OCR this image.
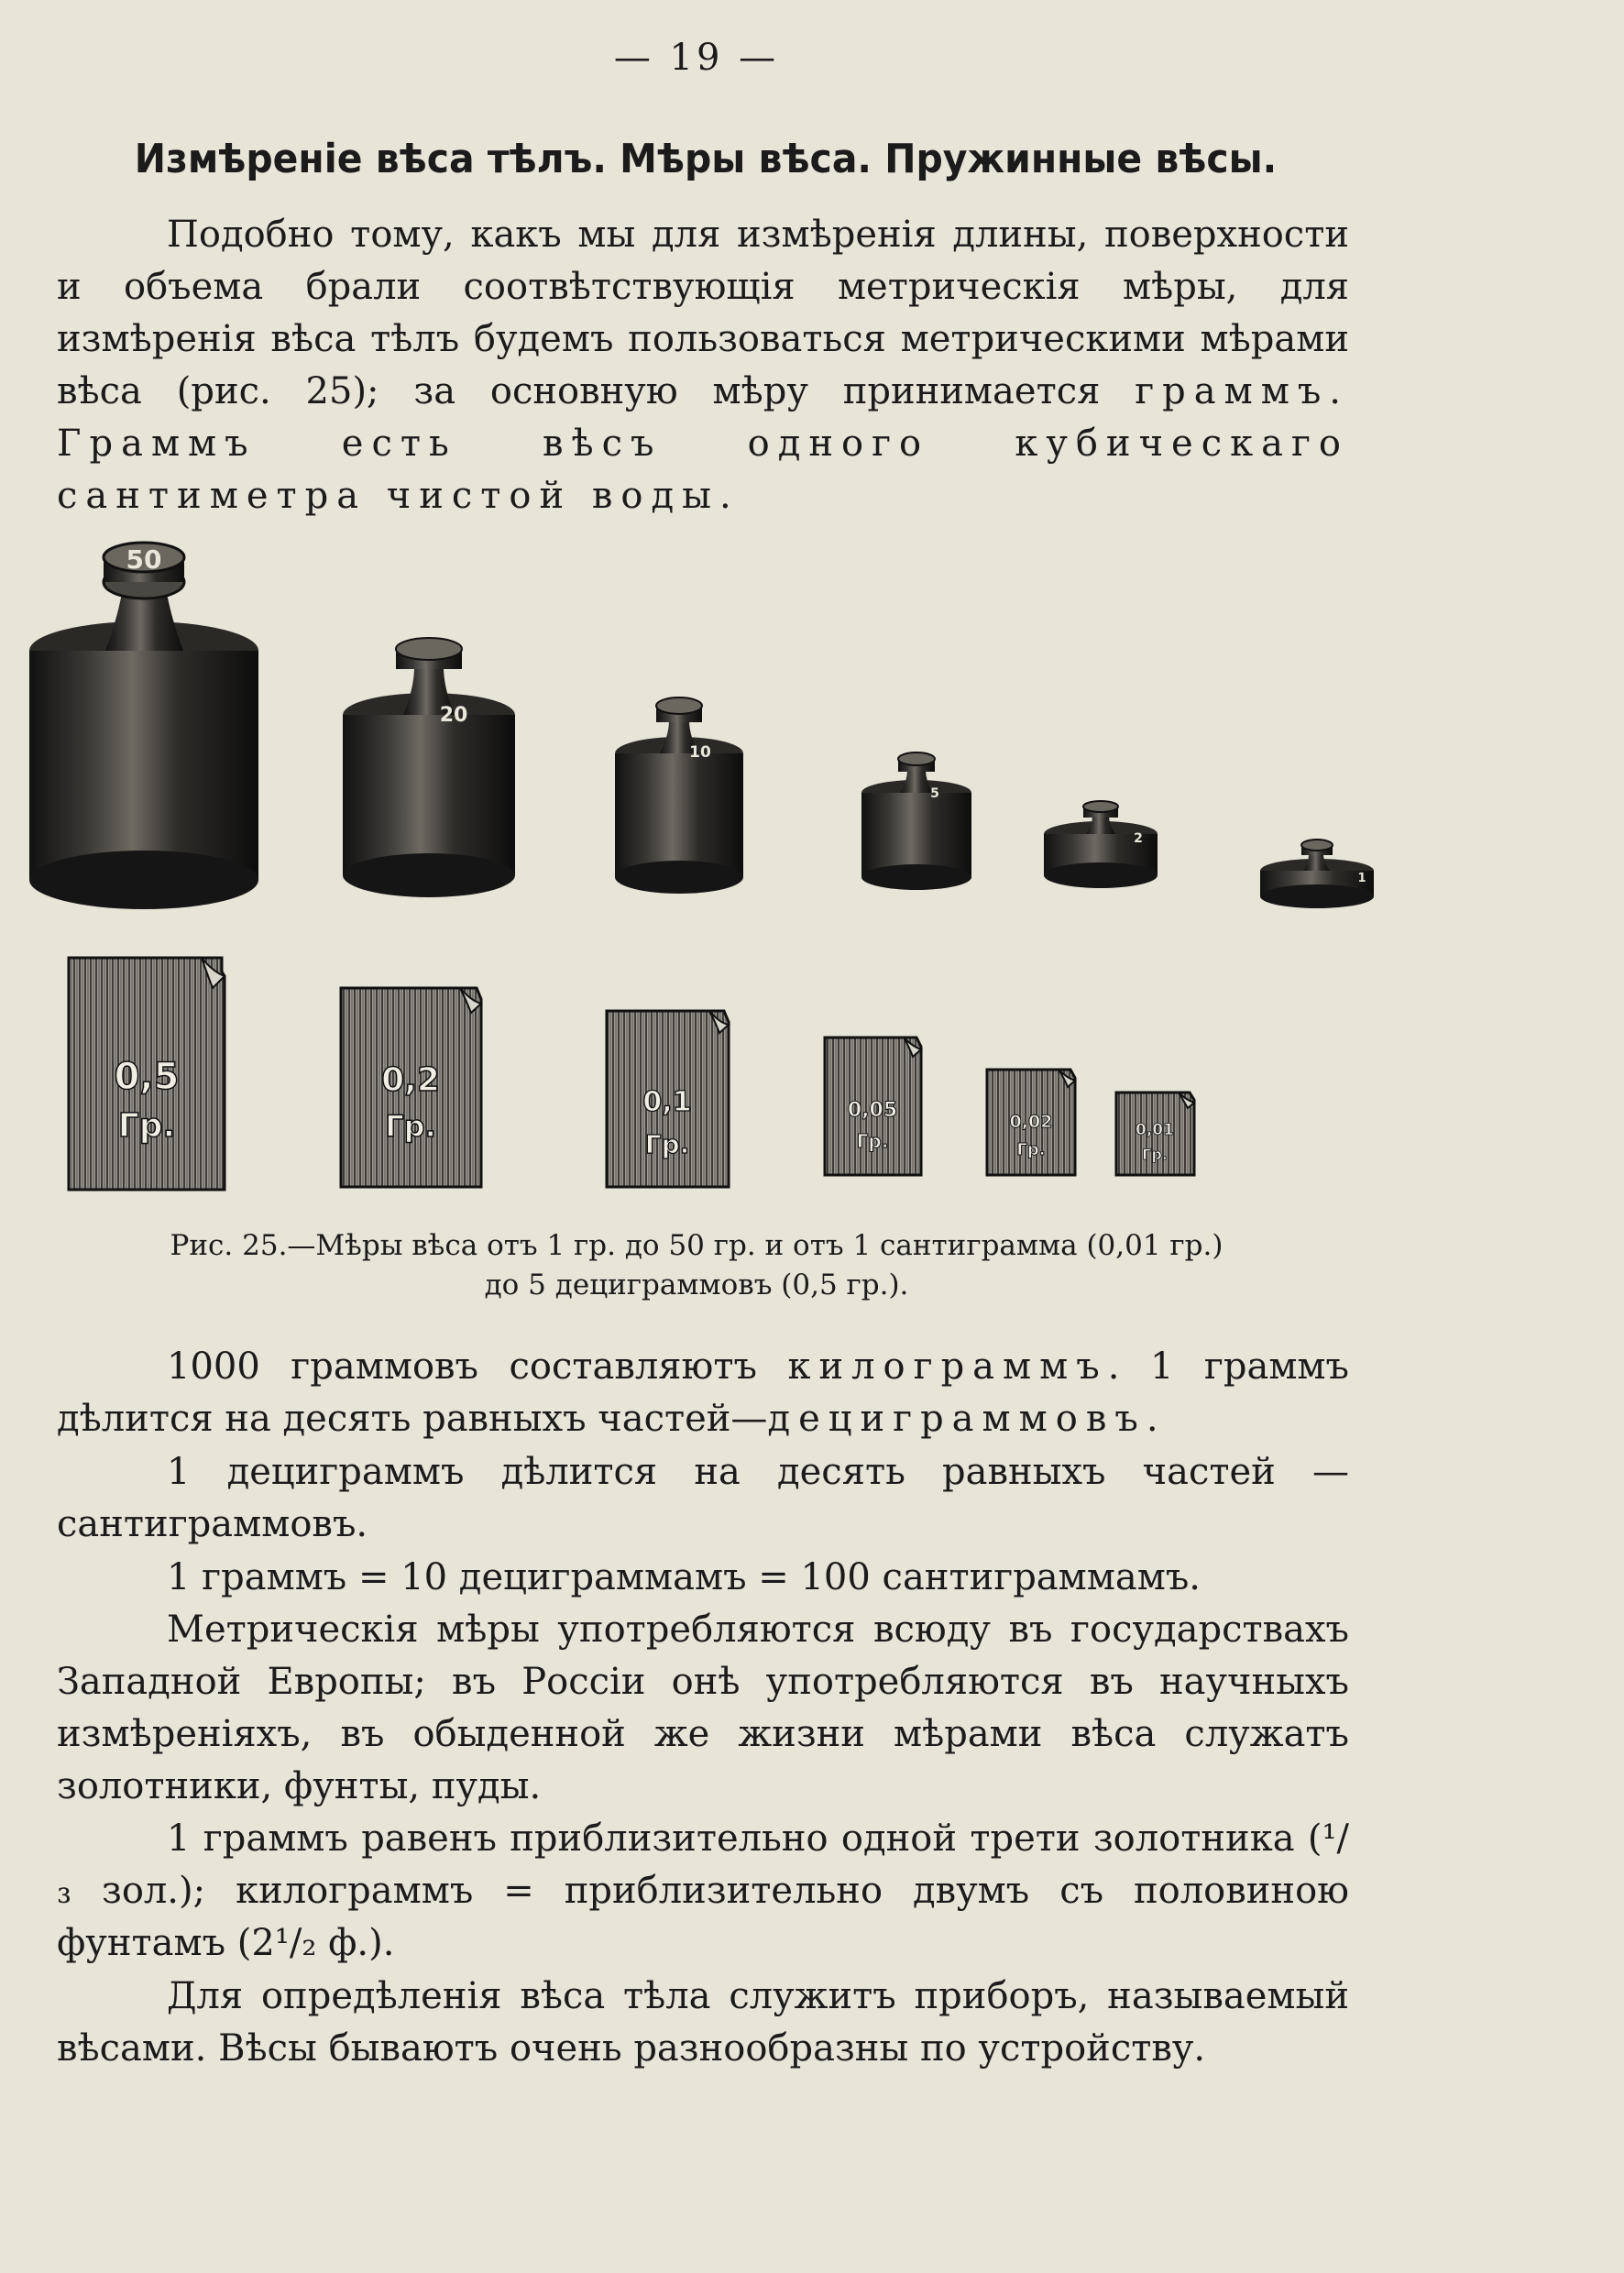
— 19 —
Измѣреніе вѣса тѣлъ. Мѣры вѣса. Пружинные вѣсы.

Подобно тому, какъ мы для измѣренія длины, поверхности и объема брали соотвѣтствующія метрическія мѣры, для измѣренія вѣса тѣлъ будемъ пользоваться метрическими мѣрами вѣса (рис. 25); за основную мѣру принимается граммъ. Граммъ есть вѣсъ одного кубическаго сантиметра чистой воды.

50
20
10
5
2
1
0,5
Гр.
0,2
Гр.
0,1
Гр.
0,05
Гр.
0,02
Гр.
0,01
Гр.
Рис. 25.—Мѣры вѣса отъ 1 гр. до 50 гр. и отъ 1 сантиграмма (0,01 гр.)
до 5 дециграммовъ (0,5 гр.).

1000 граммовъ составляютъ килограммъ. 1 граммъ дѣлится на десять равныхъ частей—дециграммовъ.

1 дециграммъ дѣлится на десять равныхъ частей — сантиграммовъ.

1 граммъ = 10 дециграммамъ = 100 сантиграммамъ.

Метрическія мѣры употребляются всюду въ государствахъ Западной Европы; въ Россіи онѣ употребляются въ научныхъ измѣреніяхъ, въ обыденной же жизни мѣрами вѣса служатъ золотники, фунты, пуды.

1 граммъ равенъ приблизительно одной трети золотника (¹/₃ зол.); килограммъ = приблизительно двумъ съ половиною фунтамъ (2¹/₂ ф.).

Для опредѣленія вѣса тѣла служитъ приборъ, называемый вѣсами. Вѣсы бываютъ очень разнообразны по устройству.
